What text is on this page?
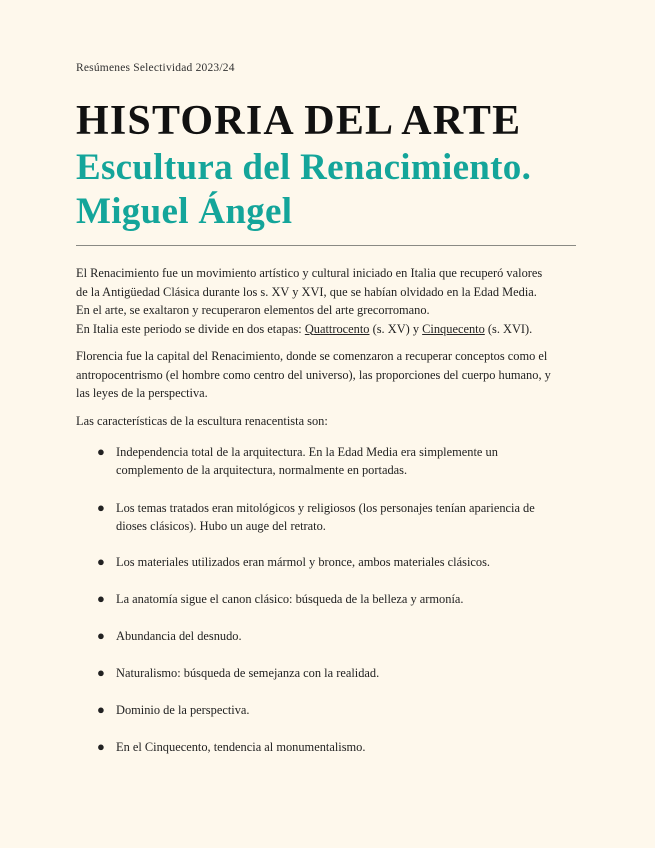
Resúmenes Selectividad 2023/24
HISTORIA DEL ARTE
Escultura del Renacimiento.
Miguel Ángel

El Renacimiento fue un movimiento artístico y cultural iniciado en Italia que recuperó valores
de la Antigüedad Clásica durante los s. XV y XVI, que se habían olvidado en la Edad Media.
En el arte, se exaltaron y recuperaron elementos del arte grecorromano.
En Italia este periodo se divide en dos etapas: Quattrocento (s. XV) y Cinquecento (s. XVI).

Florencia fue la capital del Renacimiento, donde se comenzaron a recuperar conceptos como el
antropocentrismo (el hombre como centro del universo), las proporciones del cuerpo humano, y
las leyes de la perspectiva.

Las características de la escultura renacentista son:

● Independencia total de la arquitectura. En la Edad Media era simplemente un
complemento de la arquitectura, normalmente en portadas.
● Los temas tratados eran mitológicos y religiosos (los personajes tenían apariencia de
dioses clásicos). Hubo un auge del retrato.
● Los materiales utilizados eran mármol y bronce, ambos materiales clásicos.
● La anatomía sigue el canon clásico: búsqueda de la belleza y armonía.
● Abundancia del desnudo.
● Naturalismo: búsqueda de semejanza con la realidad.
● Dominio de la perspectiva.
● En el Cinquecento, tendencia al monumentalismo.
